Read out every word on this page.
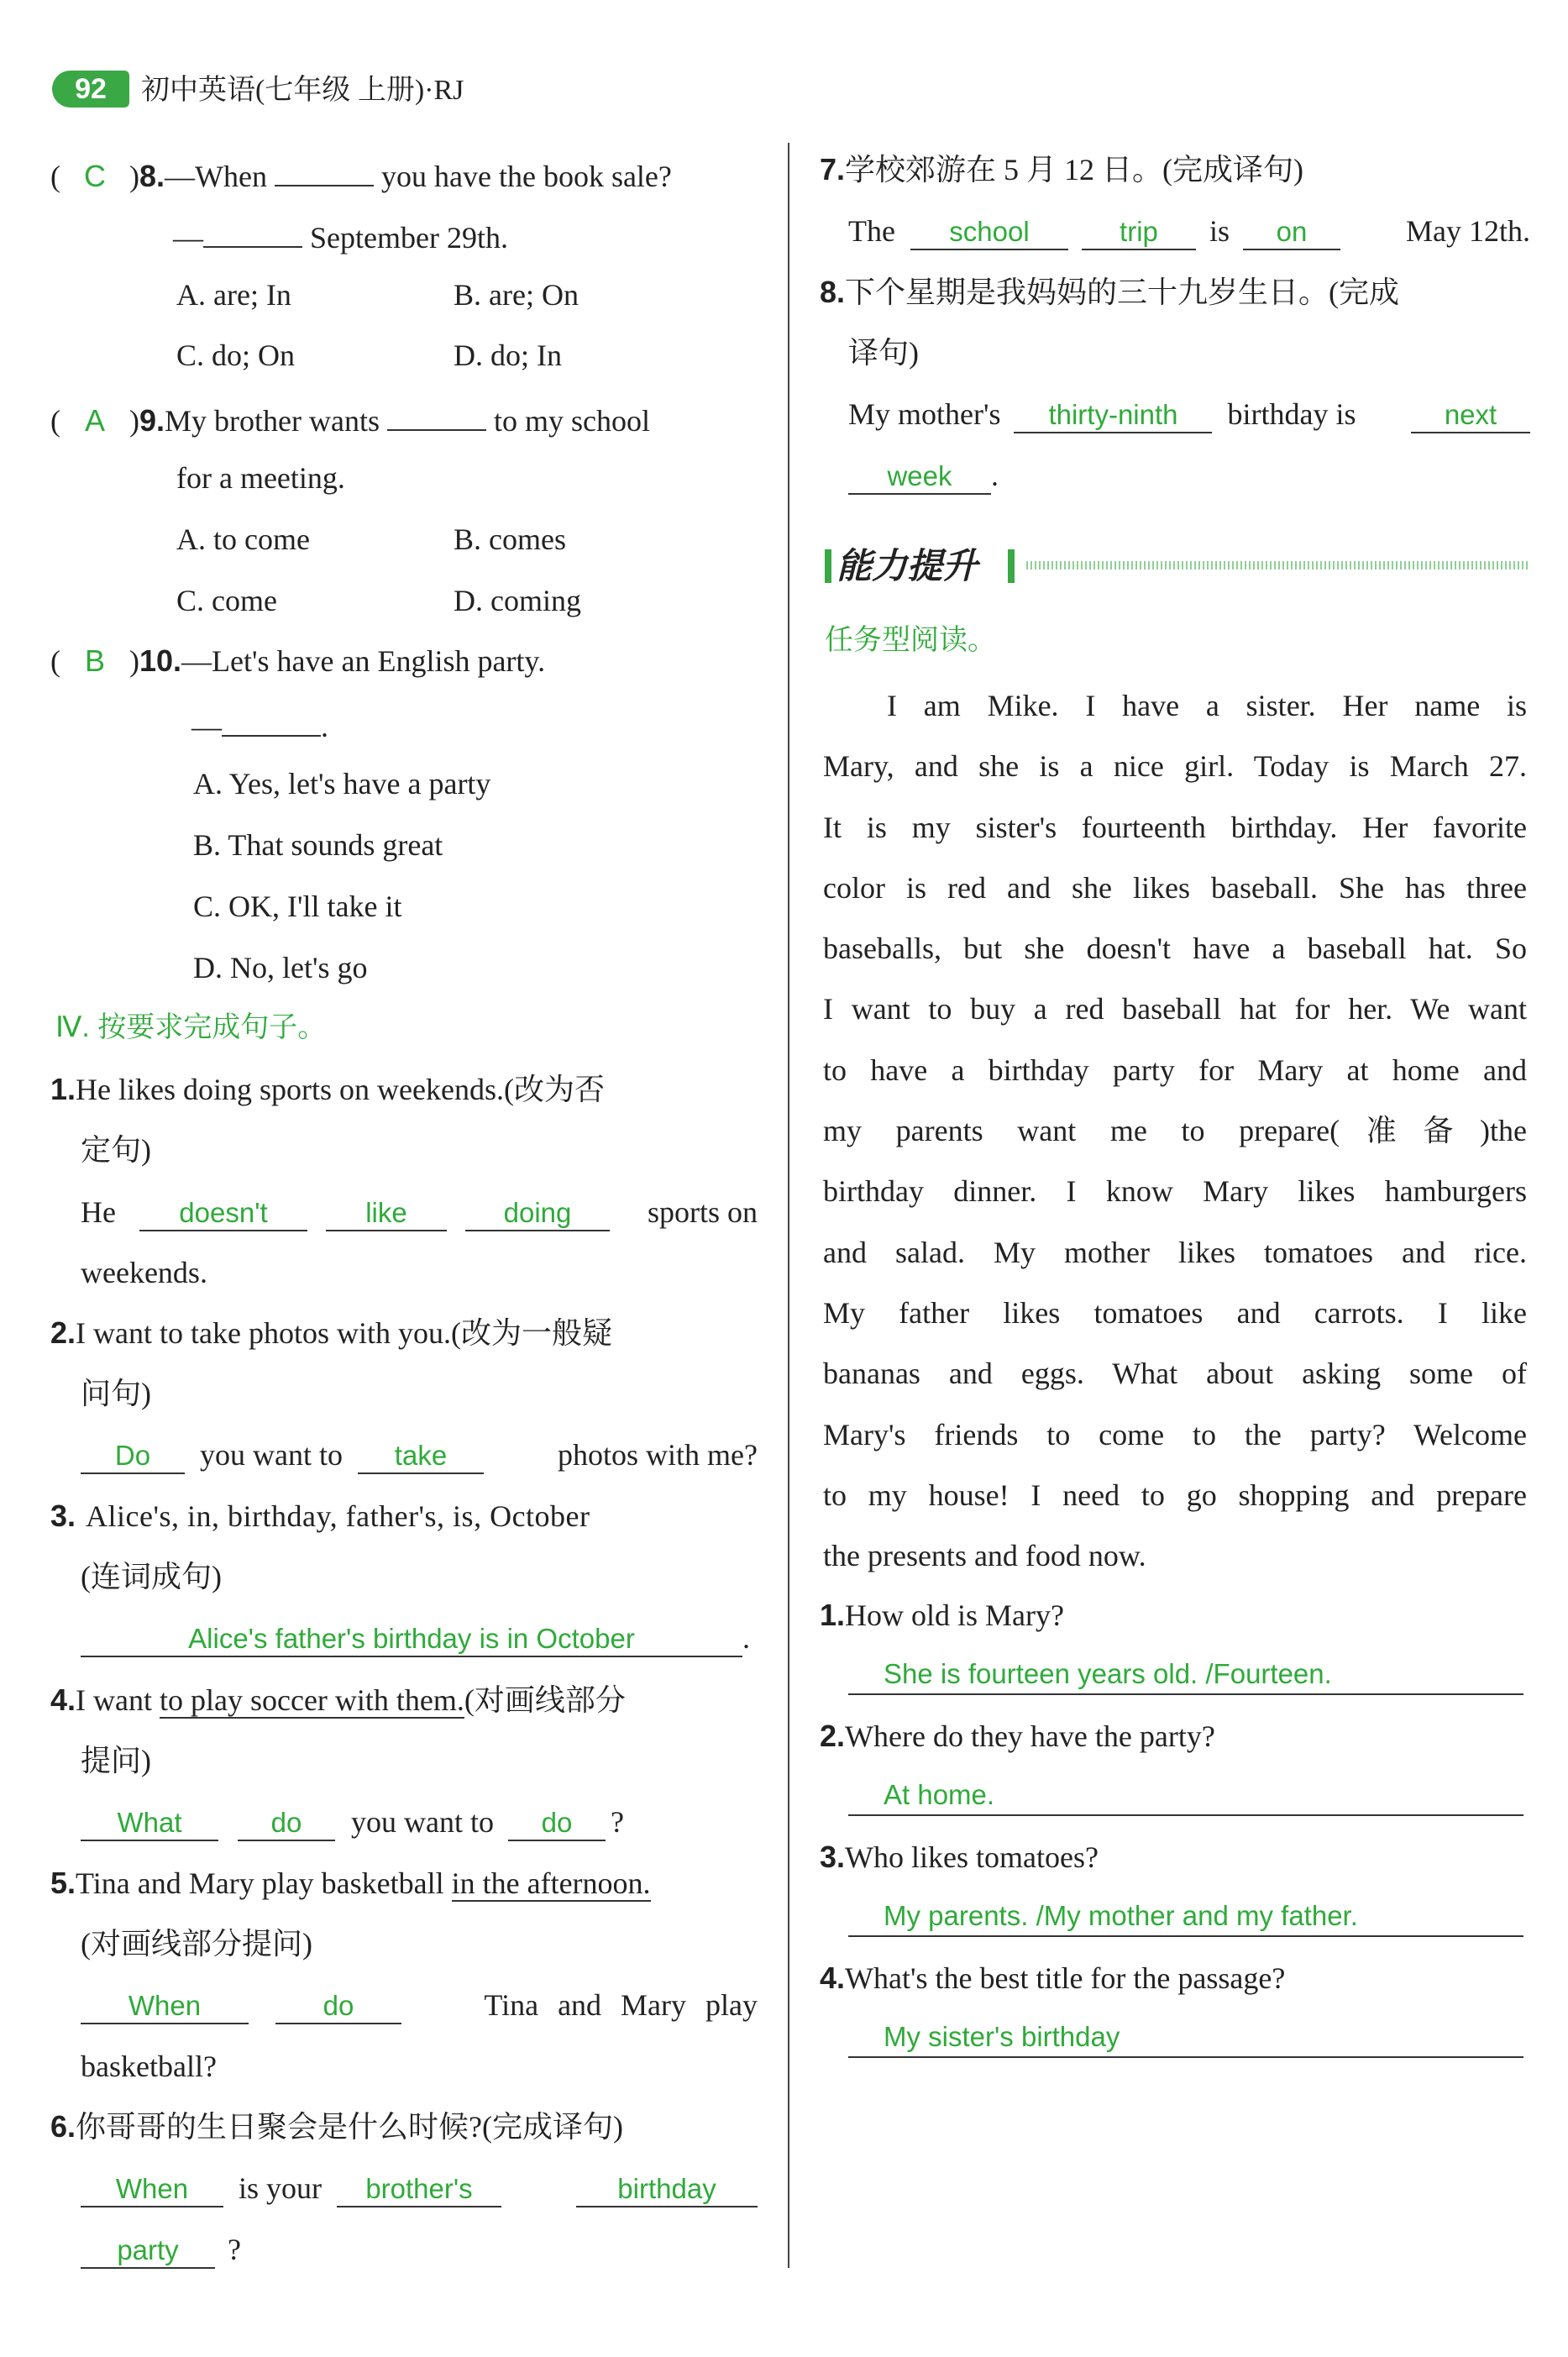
92	初中英语(七年级 上册)·RJ
( C )8.—When	you have the book sale?
—	September 29th.
A. are; In	B. are; On
C. do; On	D. do; In
( A )9.My brother wants	to my school
for a meeting.
A. to come	B. comes
C. come	D. coming
( B )10.—Let's have an English party.
—	.
A. Yes, let's have a party
B. That sounds great
C. OK, I'll take it
D. No, let's go
Ⅳ. 按要求完成句子。
1.He likes doing sports on weekends.(改为否
定句)
He	doesn't	like	doing	sports on
weekends.
2.I want to take photos with you.(改为一般疑
问句)
Do	you want to	take	photos with me?
3. Alice's, in, birthday, father's, is, October
(连词成句)
Alice's father's birthday is in October	.
4.I want to play soccer with them.(对画线部分
提问)
What	do you want to do ?
5.Tina and Mary play basketball in the afternoon.
(对画线部分提问)
When	do	Tina and Mary play
basketball?
6.你哥哥的生日聚会是什么时候?(完成译句)
When	is your	brother's	birthday
party ?
7.学校郊游在 5 月 12 日。(完成译句)
The	school	trip	is	on	May 12th.
8.下个星期是我妈妈的三十九岁生日。(完成
译句)
My mother's	thirty-ninth	birthday is	next
week .
能力提升
任务型阅读。
I am Mike. I have a sister. Her name is
Mary, and she is a nice girl. Today is March 27.
It is my sister's fourteenth birthday. Her favorite
color is red and she likes baseball. She has three
baseballs, but she doesn't have a baseball hat. So
I want to buy a red baseball hat for her. We want
to have a birthday party for Mary at home and
my parents want me to prepare(准备)the
birthday dinner. I know Mary likes hamburgers
and salad. My mother likes tomatoes and rice.
My father likes tomatoes and carrots. I like
bananas and eggs. What about asking some of
Mary's friends to come to the party? Welcome
to my house! I need to go shopping and prepare
the presents and food now.
1.How old is Mary?
She is fourteen years old. /Fourteen.
2.Where do they have the party?
At home.
3.Who likes tomatoes?
My parents. /My mother and my father.
4.What's the best title for the passage?
My sister's birthday
